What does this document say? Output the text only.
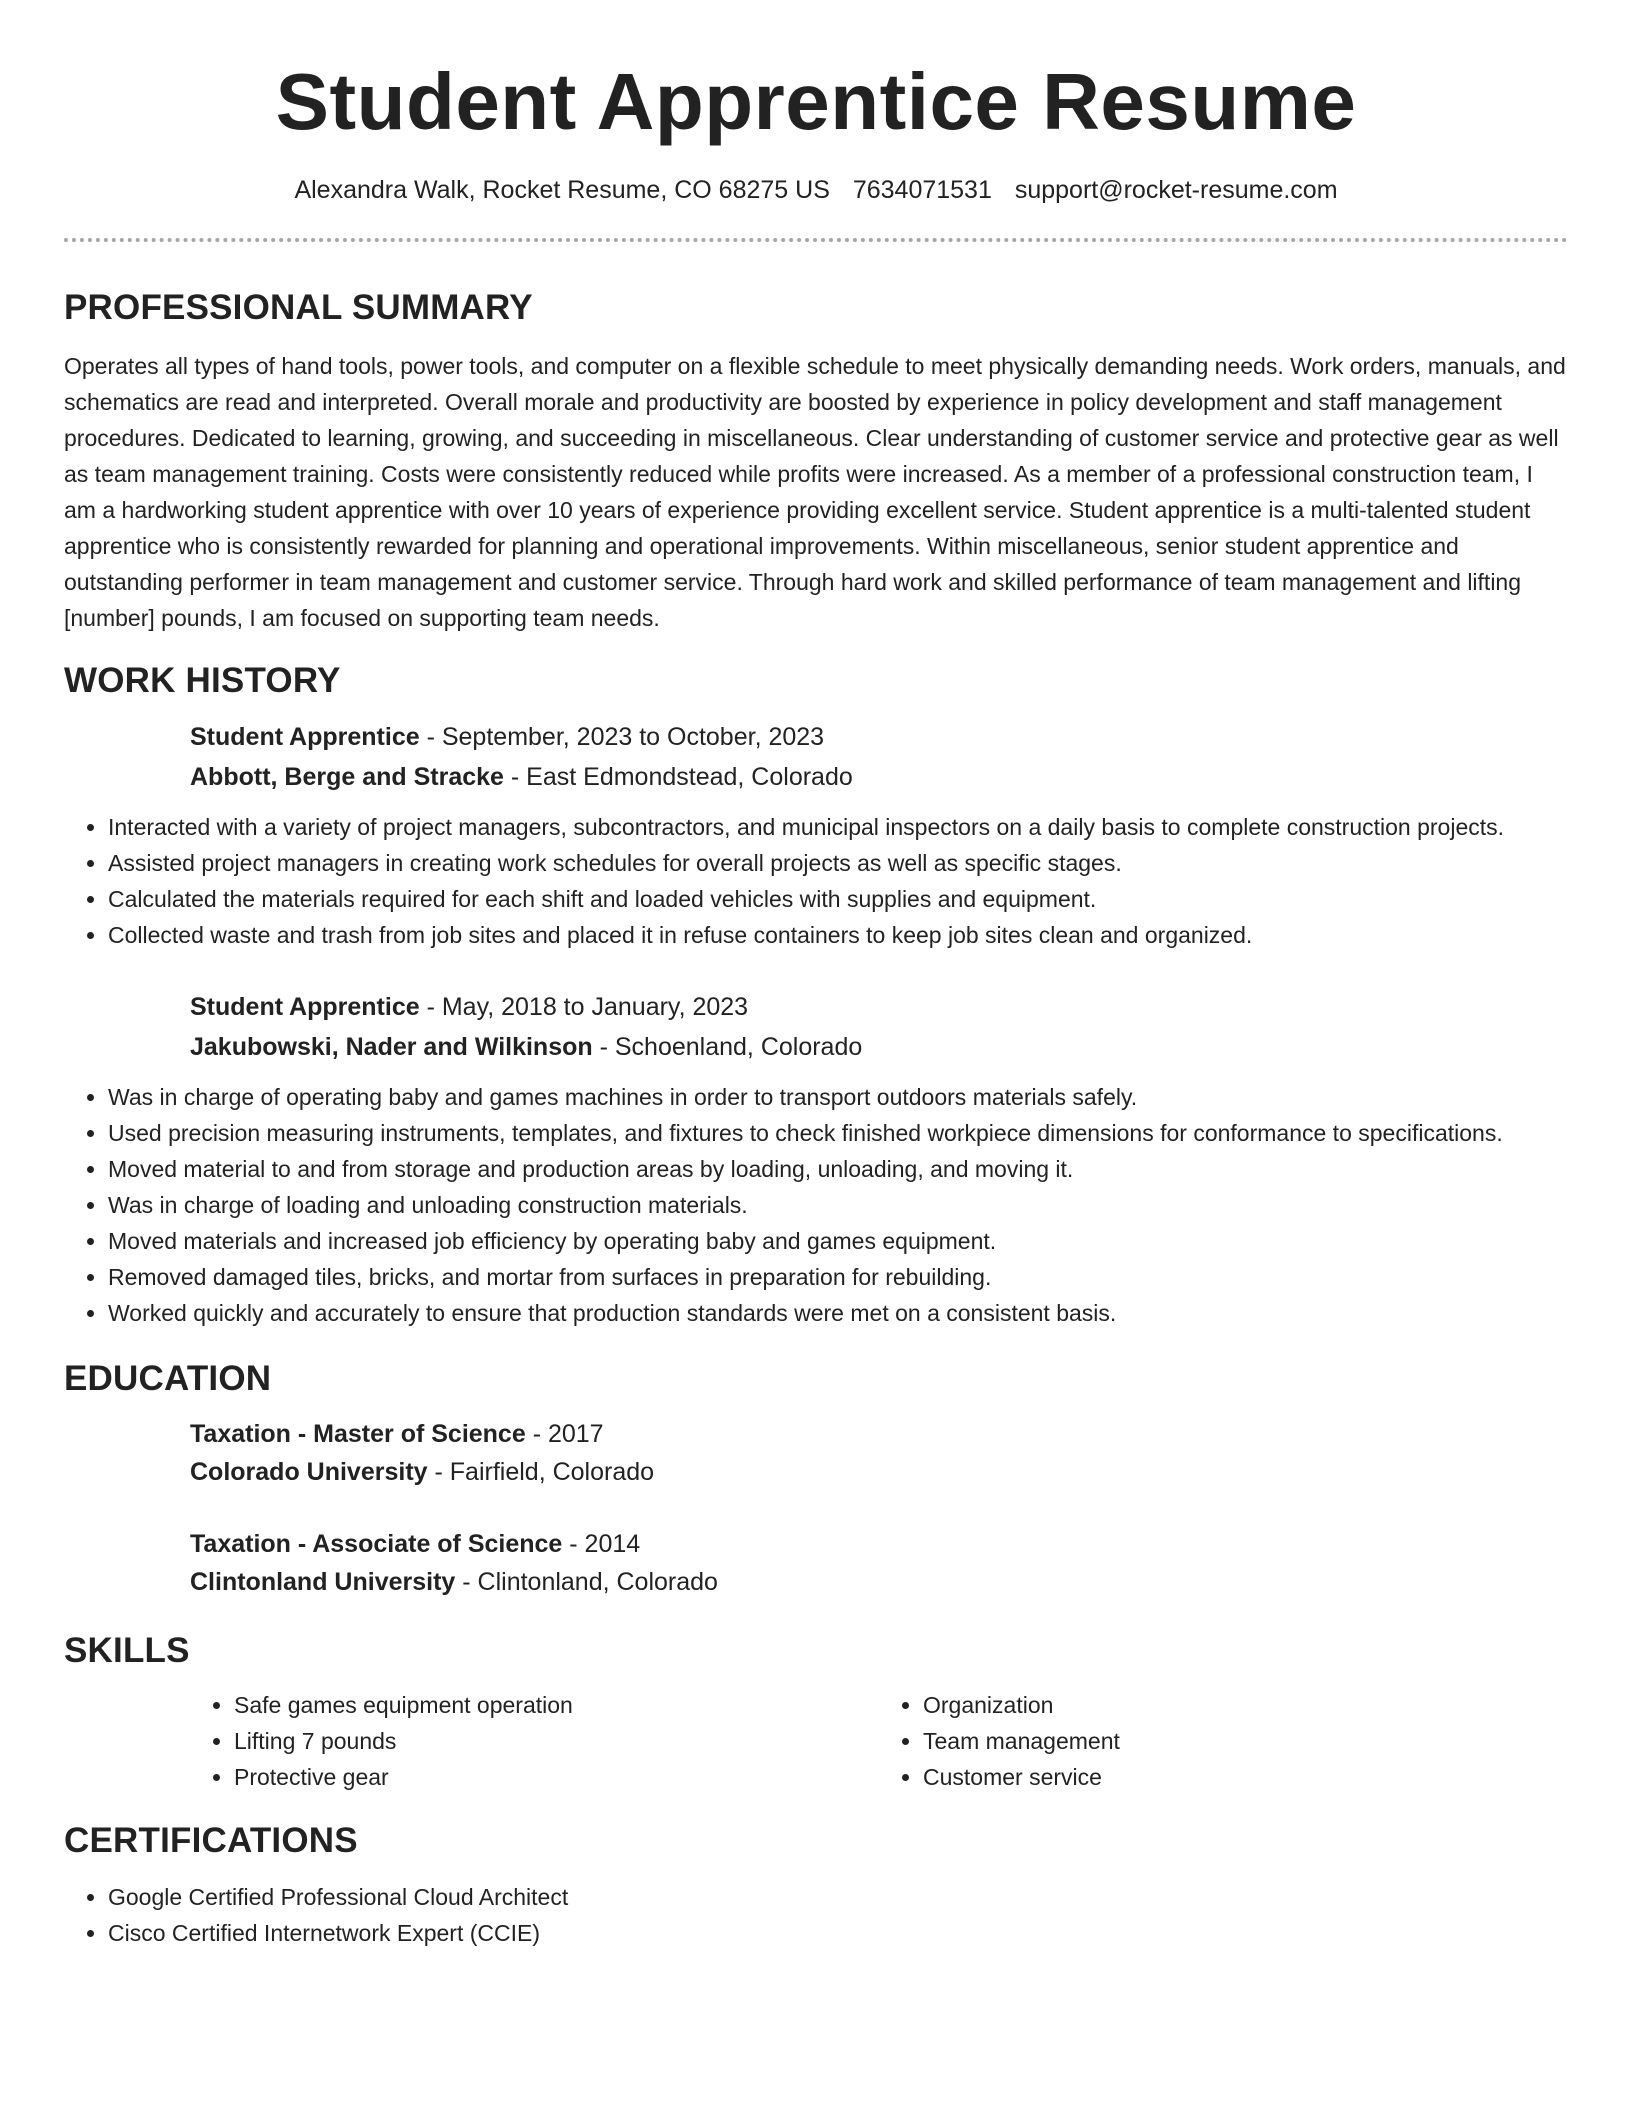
Student Apprentice Resume
Alexandra Walk, Rocket Resume, CO 68275 US 7634071531 support@rocket-resume.com
PROFESSIONAL SUMMARY

Operates all types of hand tools, power tools, and computer on a flexible schedule to meet physically demanding needs. Work orders, manuals, and schematics are read and interpreted. Overall morale and productivity are boosted by experience in policy development and staff management procedures. Dedicated to learning, growing, and succeeding in miscellaneous. Clear understanding of customer service and protective gear as well as team management training. Costs were consistently reduced while profits were increased. As a member of a professional construction team, I am a hardworking student apprentice with over 10 years of experience providing excellent service. Student apprentice is a multi-talented student apprentice who is consistently rewarded for planning and operational improvements. Within miscellaneous, senior student apprentice and outstanding performer in team management and customer service. Through hard work and skilled performance of team management and lifting [number] pounds, I am focused on supporting team needs.

WORK HISTORY
Student Apprentice - September, 2023 to October, 2023
Abbott, Berge and Stracke - East Edmondstead, Colorado
• Interacted with a variety of project managers, subcontractors, and municipal inspectors on a daily basis to complete construction projects.
• Assisted project managers in creating work schedules for overall projects as well as specific stages.
• Calculated the materials required for each shift and loaded vehicles with supplies and equipment.
• Collected waste and trash from job sites and placed it in refuse containers to keep job sites clean and organized.
Student Apprentice - May, 2018 to January, 2023
Jakubowski, Nader and Wilkinson - Schoenland, Colorado
• Was in charge of operating baby and games machines in order to transport outdoors materials safely.
• Used precision measuring instruments, templates, and fixtures to check finished workpiece dimensions for conformance to specifications.
• Moved material to and from storage and production areas by loading, unloading, and moving it.
• Was in charge of loading and unloading construction materials.
• Moved materials and increased job efficiency by operating baby and games equipment.
• Removed damaged tiles, bricks, and mortar from surfaces in preparation for rebuilding.
• Worked quickly and accurately to ensure that production standards were met on a consistent basis.
EDUCATION
Taxation - Master of Science - 2017
Colorado University - Fairfield, Colorado
Taxation - Associate of Science - 2014
Clintonland University - Clintonland, Colorado
SKILLS
• Safe games equipment operation
• Lifting 7 pounds
• Protective gear
• Organization
• Team management
• Customer service
CERTIFICATIONS
• Google Certified Professional Cloud Architect
• Cisco Certified Internetwork Expert (CCIE)
